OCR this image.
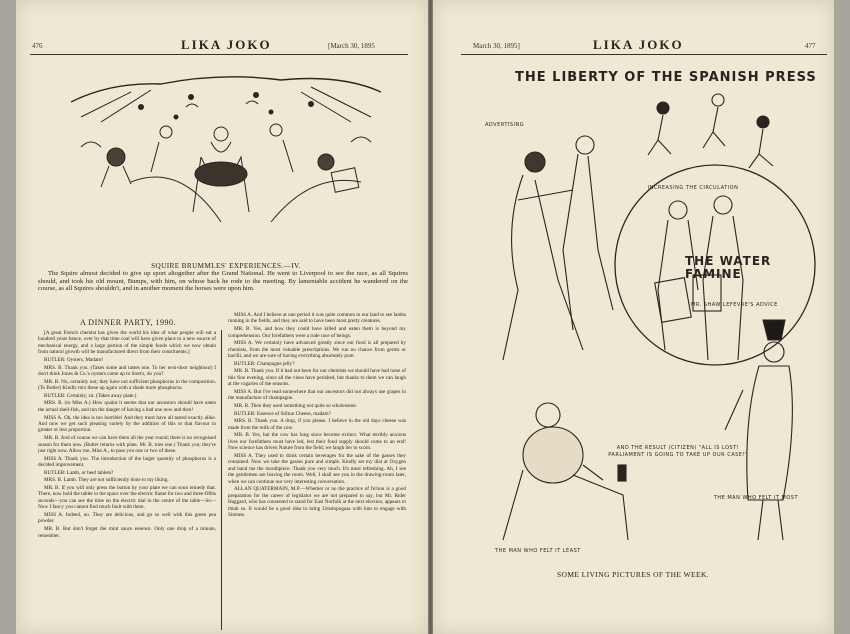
476	LIKA JOKO	[March 30, 1895
SQUIRE BRUMMLES' EXPERIENCES.—IV.
The Squire almost decided to give up sport altogether after the Grand National. He went to Liverpool to see the race, as all Squires should, and took his old mount, Bumps, with him, on whose back he rode to the meeting. By lamentable accident he wandered on the course, as all Squires shouldn't, and in another moment the horses were upon him.
A DINNER PARTY, 1990.

[A great French chemist has given the world his idea of what people will eat a hundred years hence, over by that time coal will have given place to a new source of mechanical energy, and a large portion of the simple foods which we now obtain from natural growth will be manufactured direct from their constituents.]

BUTLER: Oysters, Madam!

MRS. B. Thank you. (Takes some and tastes one. To her next-door neighbour) I don't think Jones & Co.'s oysters come up to Stott's, do you?

MR. B. No, certainly not; they have not sufficient phosphorus in the composition. (To Butler) Kindly mix these up again with a shade more phosphorus.

BUTLER: Certainly, sir. (Takes away plate.)

MRS. B. (to Miss A.) How quaint it seems that our ancestors should have eaten the actual shell-fish, and run the danger of having a bad one now and then!

MISS A. Oh, the idea is too horrible! And they must have all tasted exactly alike. And now we get such pleasing variety by the addition of this or that flavour in greater or less proportion.

MR. B. And of course we can have them all the year round; there is no recognised season for them now. (Butler returns with plate. Mr. B. tries one.) Thank you; they're just right now. Allow me, Miss A., to pass you one or two of these.

MISS A. Thank you. The introduction of the larger quantity of phosphorus is a decided improvement.

BUTLER: Lamb, or beef tablets?

MRS. B. Lamb. They are not sufficiently done to my liking.

MR. B. If you will only press the button by your plate we can soon remedy that. There, now hold the tablet in the space over the electric flame for two and three-fifths seconds—you can see the time on the electric dial in the centre of the table—So—Now I fancy you cannot find much fault with them.

MISS A. Indeed, no. They are delicious, and go so well with this green pea powder.

MR. B. But don't forget the mint sauce essence. Only one drop of a minute, remember.

MISS A. And I believe at one period it was quite common to our land to see lambs running in the fields, and they are said to have been most pretty creatures.

MR. B. Yes, and how they could have killed and eaten them is beyond my comprehension. Our forefathers were a rude race of beings.

MISS A. We certainly have advanced greatly since our food is all prepared by chemists, from the most valuable prescriptions. We run no chance from germs or bacilli, and we are sure of having everything absolutely pure.

BUTLER: Champagne jelly?

MR. B. Thank you. If it had not been for our chemists we should have had none of this fine evening, since all the vines have perished, but thanks to them we can laugh at the vagaries of the seasons.

MISS A. But I've read somewhere that our ancestors did not always use grapes in the manufacture of champagne.

MR. B. Then they used something not quite so wholesome.

BUTLER: Essence of Stilton Cheese, madam?

MRS. B. Thank you. A drop, if you please. I believe in the old days cheese was made from the milk of the cow.

MR. B. Yes, but the cow has long since become extinct. What terribly anxious lives our forefathers must have led, lest their food supply should come to an end! Now science has driven Nature from the field; we laugh her to scorn.

MISS A. They used to drink certain beverages for the sake of the gasses they contained. Now we take the gasses pure and simple. Kindly set my dial at Oxygen and hand me the mouthpiece. Thank you very much. It's most refreshing. Ah, I see the gentlemen are leaving the room. Well, I shall see you in the drawing-room later, when we can continue our very interesting conversation.

ALLAN QUATERMAIN, M.P.—Whether or no the practice of fiction is a good preparation for the career of legislator we are not prepared to say, but Mr. Rider Haggard, who has consented to stand for East Norfolk at the next election, appears to think so. It would be a good idea to bring Umslopogaas with him to engage with Sirenne.

March 30, 1895]	LIKA JOKO	477
THE LIBERTY OF THE SPANISH PRESS
THE WATER FAMINE
ADVERTISING
INCREASING THE CIRCULATION
MR. SHAW LEFEVRE'S ADVICE
AND THE RESULT (CITIZEN) "ALL IS LOST! PARLIAMENT IS GOING TO TAKE UP OUR CASE!"
THE MAN WHO FELT IT LEAST
THE MAN WHO FELT IT MOST
SOME LIVING PICTURES OF THE WEEK.
